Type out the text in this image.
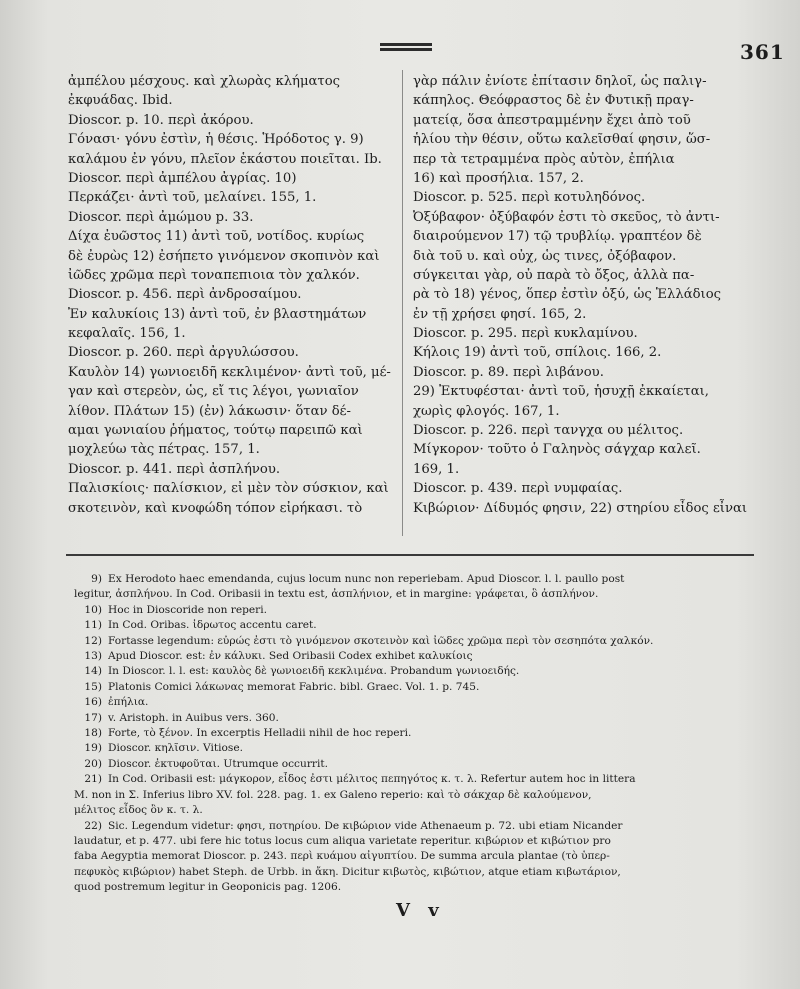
361
ἀμπέλου μέσχους. καὶ χλωρὰς κλήματος
ἐκφυάδας. Ibid.
Dioscor. p. 10. περὶ ἀκόρου.
Γόνασι· γόνυ ἐστὶν, ἡ θέσις. Ἡρόδοτος γ. 9)
καλάμου ἐν γόνυ, πλεῖον ἑκάστου ποιεῖται. Ib.
Dioscor. περὶ ἀμπέλου ἀγρίας. 10)
Περκάζει· ἀντὶ τοῦ, μελαίνει. 155, 1.
Dioscor. περὶ ἀμώμου p. 33.
Δίχα ἐυῶστος 11) ἀντὶ τοῦ, νοτίδος. κυρίως
δὲ ἐυρὼς 12) ἐσήπετο γινόμενον σκοπινὸν καὶ
ἰῶδες χρῶμα περὶ τοναπεπιοια τὸν χαλκόν.
Dioscor. p. 456. περὶ ἀνδροσαίμου.
Ἐν καλυκίοις 13) ἀντὶ τοῦ, ἐν βλαστημάτων
κεφαλαῖς. 156, 1.
Dioscor. p. 260. περὶ ἀργυλώσσου.
Καυλὸν 14) γωνιοειδῆ κεκλιμένον· ἀντὶ τοῦ, μέ-
γαν καὶ στερεὸν, ὡς, εἴ τις λέγοι, γωνιαῖον
λίθον. Πλάτων 15) (ἐν) λάκωσιν· ὅταν δέ-
αμαι γωνιαίου ῥήματος, τούτῳ παρειπῶ καὶ
μοχλεύω τὰς πέτρας. 157, 1.
Dioscor. p. 441. περὶ ἀσπλήνου.
Παλισκίοις· παλίσκιον, εἰ μὲν τὸν σύσκιον, καὶ
σκοτεινὸν, καὶ κνοφώδη τόπον εἰρήκασι. τὸ
γὰρ πάλιν ἐνίοτε ἐπίτασιν δηλοῖ, ὡς παλιγ-
κάπηλος. Θεόφραστος δὲ ἐν Φυτικῇ πραγ-
ματείᾳ, ὅσα ἀπεστραμμένην ἔχει ἀπὸ τοῦ
ἡλίου τὴν θέσιν, οὕτω καλεῖσθαί φησιν, ὥσ-
περ τὰ τετραμμένα πρὸς αὐτὸν, ἐπήλια
16) καὶ προσήλια. 157, 2.
Dioscor. p. 525. περὶ κοτυληδόνος.
Ὀξύβαφον· ὀξύβαφόν ἐστι τὸ σκεῦος, τὸ ἀντι-
διαιρούμενον 17) τῷ τρυβλίῳ. γραπτέον δὲ
διὰ τοῦ υ. καὶ οὐχ, ὡς τινες, ὀξόβαφον.
σύγκειται γὰρ, οὐ παρὰ τὸ ὄξος, ἀλλὰ πα-
ρὰ τὸ 18) γένος, ὅπερ ἐστὶν ὀξύ, ὡς Ἑλλάδιος
ἐν τῇ χρήσει φησί. 165, 2.
Dioscor. p. 295. περὶ κυκλαμίνου.
Κήλοις 19) ἀντὶ τοῦ, σπίλοις. 166, 2.
Dioscor. p. 89. περὶ λιβάνου.
29) Ἐκτυφέσται· ἀντὶ τοῦ, ἡσυχῇ ἐκκαίεται,
χωρὶς φλογός. 167, 1.
Dioscor. p. 226. περὶ τανγχα ου μέλιτος.
Μίγκορον· τοῦτο ὁ Γαληνὸς σάγχαρ καλεῖ.
169, 1.
Dioscor. p. 439. περὶ νυμφαίας.
Κιβώριον· Δίδυμός φησιν, 22) στηρίου εἶδος εἶναι
9) Ex Herodoto haec emendanda, cujus locum nunc non reperiebam. Apud Dioscor. l. l. paullo post
legitur, ἀσπλήνου. In Cod. Oribasii in textu est, ἀσπλήνιον, et in margine: γράφεται, ὃ ἀσπλήνον.
10) Hoc in Dioscoride non reperi.
11) In Cod. Oribas. ἱδρωτος accentu caret.
12) Fortasse legendum: εὐρώς ἐστι τὸ γινόμενον σκοτεινὸν καὶ ἰῶδες χρῶμα περὶ τὸν σεσηπότα χαλκόν.
13) Apud Dioscor. est: ἐν κάλυκι. Sed Oribasii Codex exhibet καλυκίοις
14) In Dioscor. l. l. est: καυλὸς δὲ γωνιοειδῆ κεκλιμένα. Probandum γωνιοειδής.
15) Platonis Comici λάκωνας memorat Fabric. bibl. Graec. Vol. 1. p. 745.
16) ἐπήλια.
17) v. Aristoph. in Auibus vers. 360.
18) Forte, τὸ ξένον. In excerptis Helladii nihil de hoc reperi.
19) Dioscor. κηλῖσιν. Vitiose.
20) Dioscor. ἐκτυφοῦται. Utrumque occurrit.
21) In Cod. Oribasii est: μάγκορον, εἶδος ἐστι μέλιτος πεπηγότος κ. τ. λ. Refertur autem hoc in littera
M. non in Σ. Inferius libro XV. fol. 228. pag. 1. ex Galeno reperio: καὶ τὸ σάκχαρ δὲ καλούμενον,
μέλιτος εἶδος ὂν κ. τ. λ.
22) Sic. Legendum videtur: φησι, ποτηρίου. De κιβώριον vide Athenaeum p. 72. ubi etiam Nicander
laudatur, et p. 477. ubi fere hic totus locus cum aliqua varietate reperitur. κιβώριον et κιβώτιον pro
faba Aegyptia memorat Dioscor. p. 243. περὶ κυάμου αἰγυπτίου. De summa arcula plantae (τὸ ὑπερ-
πεφυκὸς κιβώριον) habet Steph. de Urbb. in ἄκη. Dicitur κιβωτὸς, κιβώτιον, atque etiam κιβωτάριον,
quod postremum legitur in Geoponicis pag. 1206.
V v
